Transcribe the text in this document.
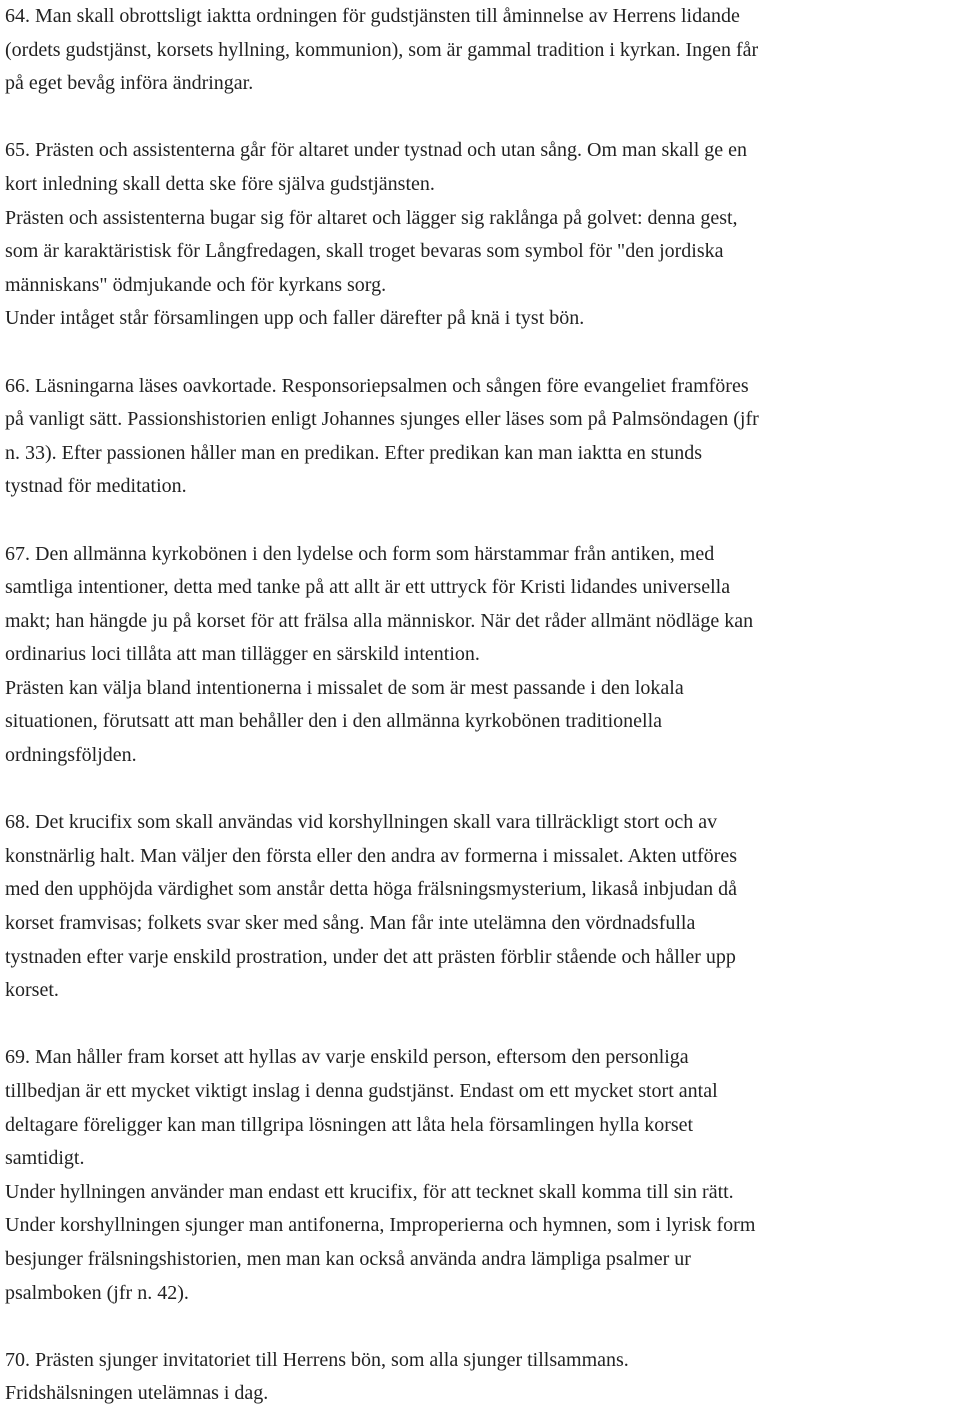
64. Man skall obrottsligt iaktta ordningen för gudstjänsten till åminnelse av Herrens lidande
(ordets gudstjänst, korsets hyllning, kommunion), som är gammal tradition i kyrkan. Ingen får
på eget bevåg införa ändringar.
65. Prästen och assistenterna går för altaret under tystnad och utan sång. Om man skall ge en
kort inledning skall detta ske före själva gudstjänsten.
Prästen och assistenterna bugar sig för altaret och lägger sig raklånga på golvet: denna gest,
som är karaktäristisk för Långfredagen, skall troget bevaras som symbol för "den jordiska
människans" ödmjukande och för kyrkans sorg.
Under intåget står församlingen upp och faller därefter på knä i tyst bön.
66. Läsningarna läses oavkortade. Responsoriepsalmen och sången före evangeliet framföres
på vanligt sätt. Passionshistorien enligt Johannes sjunges eller läses som på Palmsöndagen (jfr
n. 33). Efter passionen håller man en predikan. Efter predikan kan man iaktta en stunds
tystnad för meditation.
67. Den allmänna kyrkobönen i den lydelse och form som härstammar från antiken, med
samtliga intentioner, detta med tanke på att allt är ett uttryck för Kristi lidandes universella
makt; han hängde ju på korset för att frälsa alla människor. När det råder allmänt nödläge kan
ordinarius loci tillåta att man tillägger en särskild intention.
Prästen kan välja bland intentionerna i missalet de som är mest passande i den lokala
situationen, förutsatt att man behåller den i den allmänna kyrkobönen traditionella
ordningsföljden.
68. Det krucifix som skall användas vid korshyllningen skall vara tillräckligt stort och av
konstnärlig halt. Man väljer den första eller den andra av formerna i missalet. Akten utföres
med den upphöjda värdighet som anstår detta höga frälsningsmysterium, likaså inbjudan då
korset framvisas; folkets svar sker med sång. Man får inte utelämna den vördnadsfulla
tystnaden efter varje enskild prostration, under det att prästen förblir stående och håller upp
korset.
69. Man håller fram korset att hyllas av varje enskild person, eftersom den personliga
tillbedjan är ett mycket viktigt inslag i denna gudstjänst. Endast om ett mycket stort antal
deltagare föreligger kan man tillgripa lösningen att låta hela församlingen hylla korset
samtidigt.
Under hyllningen använder man endast ett krucifix, för att tecknet skall komma till sin rätt.
Under korshyllningen sjunger man antifonerna, Improperierna och hymnen, som i lyrisk form
besjunger frälsningshistorien, men man kan också använda andra lämpliga psalmer ur
psalmboken (jfr n. 42).
70. Prästen sjunger invitatoriet till Herrens bön, som alla sjunger tillsammans.
Fridshälsningen utelämnas i dag.
